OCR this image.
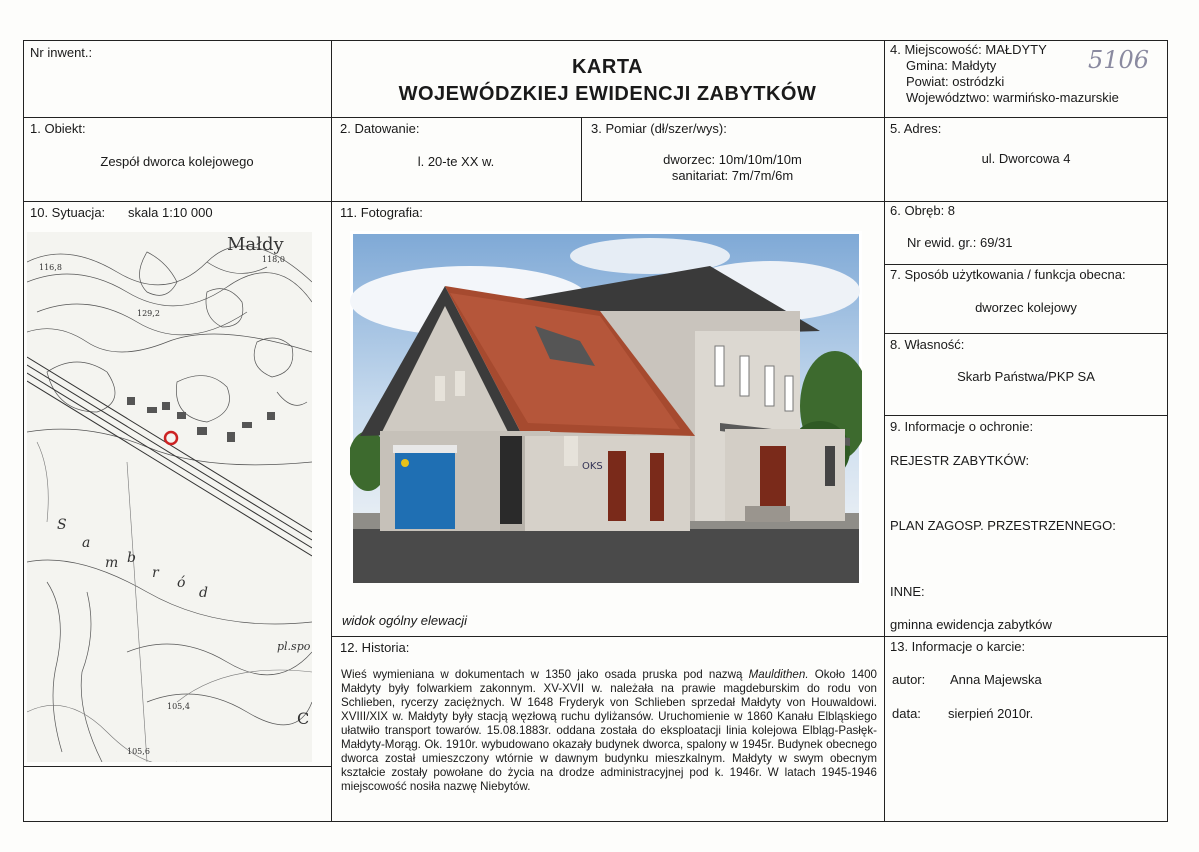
Nr inwent.:
KARTA
WOJEWÓDZKIEJ EWIDENCJI ZABYTKÓW
4. Miejscowość: MAŁDYTY
Gmina: Małdyty
Powiat: ostródzki
Województwo: warmińsko-mazurskie
5106
1. Obiekt:
Zespół dworca kolejowego
2. Datowanie:
l. 20-te XX w.
3. Pomiar (dł/szer/wys):
dworzec: 10m/10m/10m
sanitariat: 7m/7m/6m
5. Adres:
ul. Dworcowa 4
10. Sytuacja: skala 1:10 000
Małdy
S
a
m b
r
ó
d
pl.spo
C
118,0
105,4
105,6
129,2
116,8
11. Fotografia:
OKS
widok ogólny elewacji
6. Obręb: 8
Nr ewid. gr.: 69/31
7. Sposób użytkowania / funkcja obecna:
dworzec kolejowy
8. Własność:
Skarb Państwa/PKP SA
9. Informacje o ochronie:
REJESTR ZABYTKÓW:
PLAN ZAGOSP. PRZESTRZENNEGO:
INNE:
gminna ewidencja zabytków
12. Historia:
Wieś wymieniana w dokumentach w 1350 jako osada pruska pod nazwą Mauldithen. Około 1400 Małdyty były folwarkiem zakonnym. XV-XVII w. należała na prawie magdeburskim do rodu von Schlieben, rycerzy zaciężnych. W 1648 Fryderyk von Schlieben sprzedał Małdyty von Houwaldowi. XVIII/XIX w. Małdyty były stacją węzłową ruchu dyliżansów. Uruchomienie w 1860 Kanału Elbląskiego ułatwiło transport towarów. 15.08.1883r. oddana została do eksploatacji linia kolejowa Elbląg-Pasłęk-Małdyty-Morąg. Ok. 1910r. wybudowano okazały budynek dworca, spalony w 1945r. Budynek obecnego dworca został umieszczony wtórnie w dawnym budynku mieszkalnym. Małdyty w swym obecnym kształcie zostały powołane do życia na drodze administracyjnej pod k. 1946r. W latach 1945-1946 miejscowość nosiła nazwę Niebytów.
13. Informacje o karcie:
autor: Anna Majewska
data: sierpień 2010r.
